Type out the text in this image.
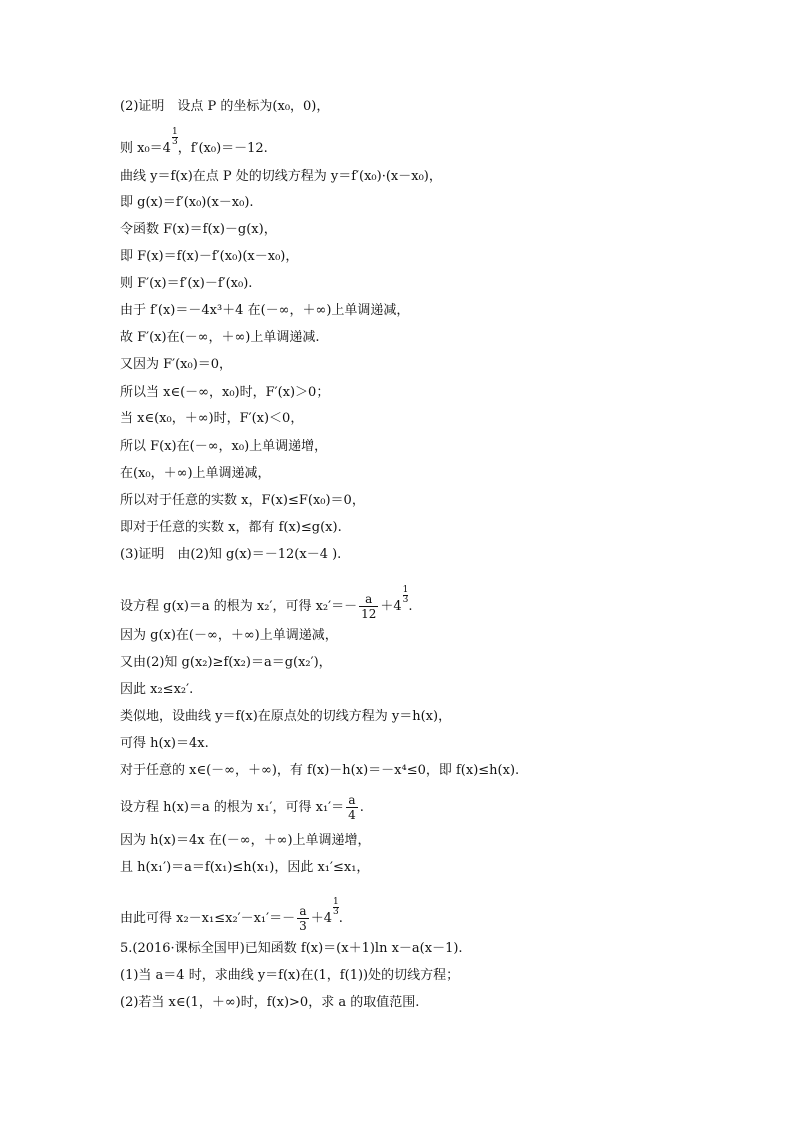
(2)证明　设点 P 的坐标为(x₀，0)，
则 x₀＝4
$\frac{1}{3}$
，f′(x₀)＝－12.
曲线 y＝f(x)在点 P 处的切线方程为 y＝f′(x₀)·(x－x₀)，
即 g(x)＝f′(x₀)(x－x₀).
令函数 F(x)＝f(x)－g(x)，
即 F(x)＝f(x)－f′(x₀)(x－x₀)，
则 F′(x)＝f′(x)－f′(x₀).
由于 f′(x)＝－4x³＋4 在(－∞，＋∞)上单调递减，
故 F′(x)在(－∞，＋∞)上单调递减.
又因为 F′(x₀)＝0，
所以当 x∈(－∞，x₀)时，F′(x)＞0；
当 x∈(x₀，＋∞)时，F′(x)＜0，
所以 F(x)在(－∞，x₀)上单调递增，
在(x₀，＋∞)上单调递减，
所以对于任意的实数 x，F(x)≤F(x₀)＝0，
即对于任意的实数 x，都有 f(x)≤g(x).
(3)证明　由(2)知 g(x)＝－12(x－4 ).
设方程 g(x)＝a 的根为 x₂′，可得 $x_2'=- \frac{a}{12} +4$
$\frac{1}{3}$
.
因为 g(x)在(－∞，＋∞)上单调递减，
又由(2)知 g(x₂)≥f(x₂)＝a＝g(x₂′)，
因此 x₂≤x₂′.
类似地，设曲线 y＝f(x)在原点处的切线方程为 y＝h(x)，
可得 h(x)＝4x.
对于任意的 x∈(－∞，＋∞)，有 f(x)－h(x)＝－x⁴≤0，即 f(x)≤h(x).
设方程 h(x)＝a 的根为 x₁′，可得 $x_1'= \frac{a}{4}$ .
因为 h(x)＝4x 在(－∞，＋∞)上单调递增，
且 h(x₁′)＝a＝f(x₁)≤h(x₁)，因此 x₁′≤x₁，
由此可得 $x_2-x_1\le x_2'-x_1'=- \frac{a}{3} +4$
$\frac{1}{3}$
.
5.(2016·课标全国甲)已知函数 f(x)＝(x＋1)ln x－a(x－1).
(1)当 a＝4 时，求曲线 y＝f(x)在(1，f(1))处的切线方程；
(2)若当 x∈(1，＋∞)时，f(x)>0，求 a 的取值范围.
